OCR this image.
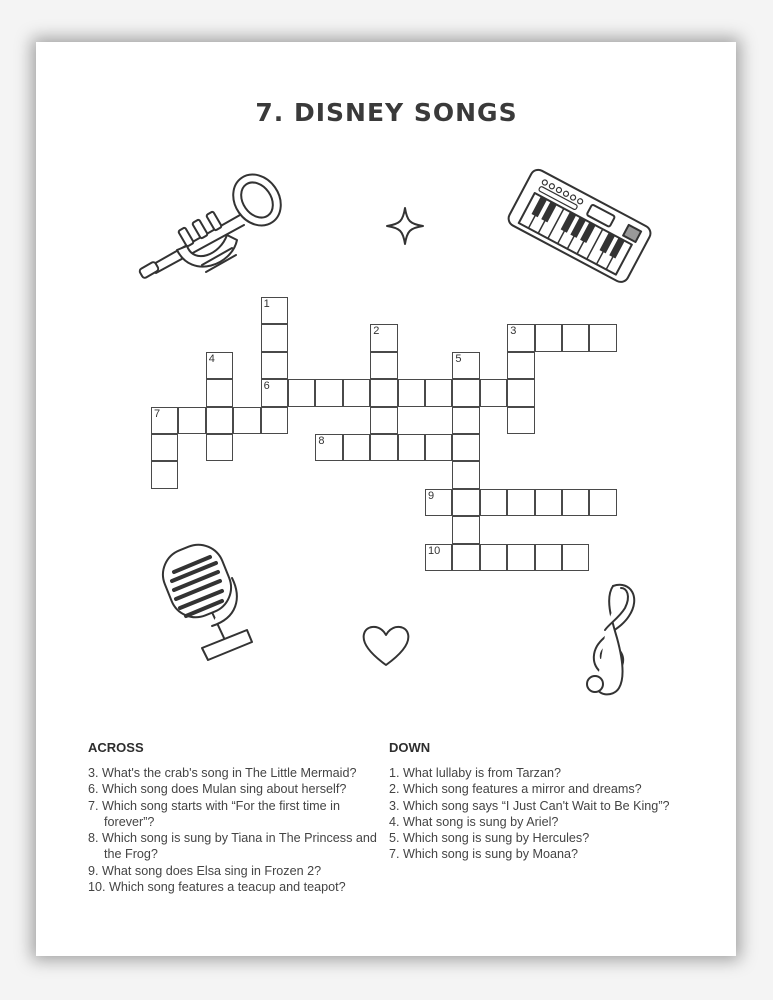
7. DISNEY SONGS
1
6
2	3
4	5
7
8
9
10
ACROSS

3. What's the crab's song in The Little Mermaid?

6. Which song does Mulan sing about herself?

7. Which song starts with “For the first time in forever”?

8. Which song is sung by Tiana in The Princess and the Frog?

9. What song does Elsa sing in Frozen 2?

10. Which song features a teacup and teapot?

DOWN

1. What lullaby is from Tarzan?

2. Which song features a mirror and dreams?

3. Which song says “I Just Can't Wait to Be King”?

4. What song is sung by Ariel?

5. Which song is sung by Hercules?

7. Which song is sung by Moana?
